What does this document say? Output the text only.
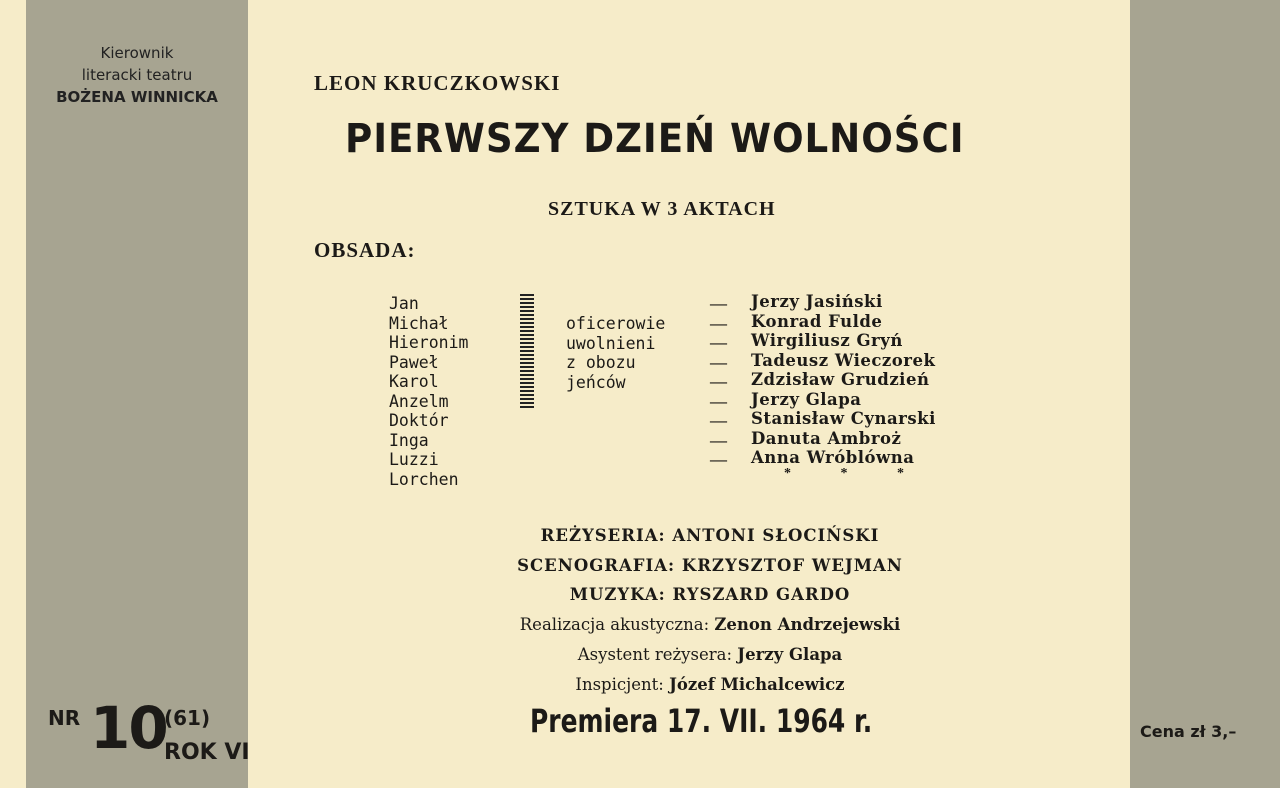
Kierownik
literacki teatru
BOŻENA WINNICKA
NR 10
(61)
ROK VI
Cena zł 3,–
LEON KRUCZKOWSKI
PIERWSZY DZIEŃ WOLNOŚCI
SZTUKA W 3 AKTACH
OBSADA:
Jan
Michał
Hieronim
Paweł
Karol
Anzelm
Doktór
Inga
Luzzi
Lorchen
oficerowie
uwolnieni
z obozu
jeńców
—
—
—
—
—
—
—
—
—
Jerzy Jasiński
Konrad Fulde
Wirgiliusz Gryń
Tadeusz Wieczorek
Zdzisław Grudzień
Jerzy Glapa
Stanisław Cynarski
Danuta Ambroż
Anna Wróblówna
*	*	*
REŻYSERIA: ANTONI SŁOCIŃSKI
SCENOGRAFIA: KRZYSZTOF WEJMAN
MUZYKA: RYSZARD GARDO
Realizacja akustyczna: Zenon Andrzejewski
Asystent reżysera: Jerzy Glapa
Inspicjent: Józef Michalcewicz
Premiera 17. VII. 1964 r.
